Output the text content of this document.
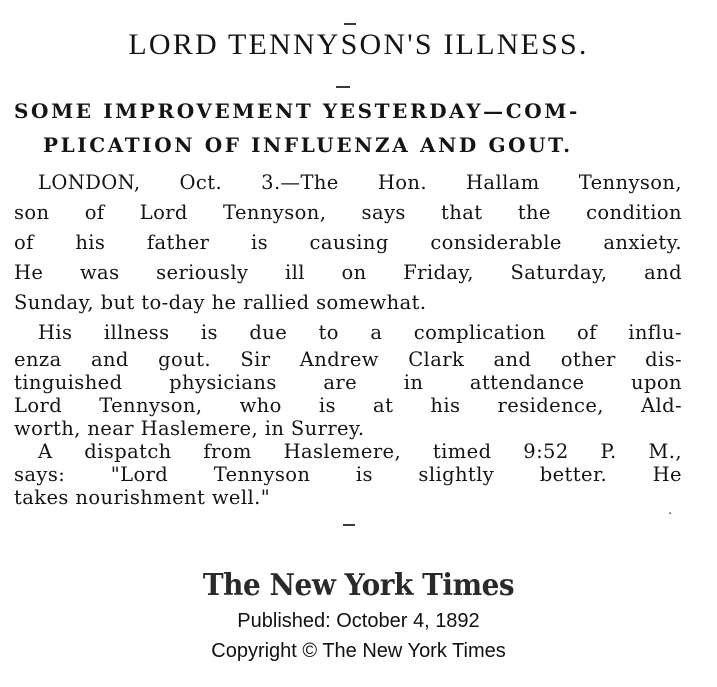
LORD TENNYSON'S ILLNESS.
SOME IMPROVEMENT YESTERDAY—COM-
PLICATION OF INFLUENZA AND GOUT.
LONDON, Oct. 3.—The Hon. Hallam Tennyson,
son of Lord Tennyson, says that the condition
of his father is causing considerable anxiety.
He was seriously ill on Friday, Saturday, and
Sunday, but to-day he rallied somewhat.
His illness is due to a complication of influ-
enza and gout. Sir Andrew Clark and other dis-
tinguished physicians are in attendance upon
Lord Tennyson, who is at his residence, Ald-
worth, near Haslemere, in Surrey.
A dispatch from Haslemere, timed 9:52 P. M.,
says: "Lord Tennyson is slightly better. He
takes nourishment well."
·
The New York Times
Published: October 4, 1892
Copyright © The New York Times
